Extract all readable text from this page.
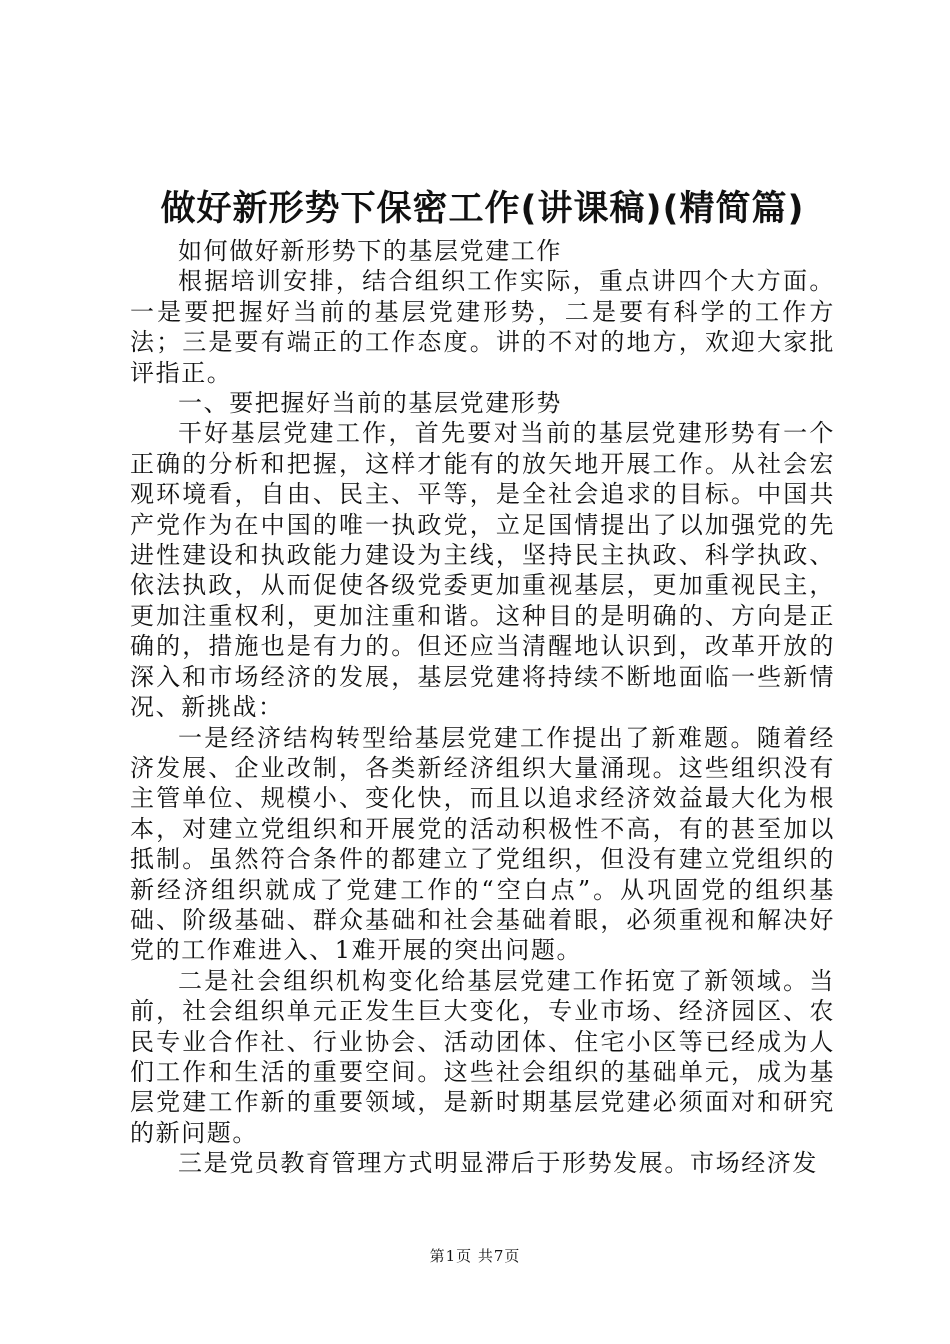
做好新形势下保密工作(讲课稿)(精简篇)

如何做好新形势下的基层党建工作

根据培训安排，结合组织工作实际，重点讲四个大方面。一是要把握好当前的基层党建形势，二是要有科学的工作方法；三是要有端正的工作态度。讲的不对的地方，欢迎大家批评指正。

一、要把握好当前的基层党建形势

干好基层党建工作，首先要对当前的基层党建形势有一个正确的分析和把握，这样才能有的放矢地开展工作。从社会宏观环境看，自由、民主、平等，是全社会追求的目标。中国共产党作为在中国的唯一执政党，立足国情提出了以加强党的先进性建设和执政能力建设为主线，坚持民主执政、科学执政、依法执政，从而促使各级党委更加重视基层，更加重视民主，更加注重权利，更加注重和谐。这种目的是明确的、方向是正确的，措施也是有力的。但还应当清醒地认识到，改革开放的深入和市场经济的发展，基层党建将持续不断地面临一些新情况、新挑战：

一是经济结构转型给基层党建工作提出了新难题。随着经济发展、企业改制，各类新经济组织大量涌现。这些组织没有主管单位、规模小、变化快，而且以追求经济效益最大化为根本，对建立党组织和开展党的活动积极性不高，有的甚至加以抵制。虽然符合条件的都建立了党组织，但没有建立党组织的新经济组织就成了党建工作的“空白点”。从巩固党的组织基础、阶级基础、群众基础和社会基础着眼，必须重视和解决好党的工作难进入、1难开展的突出问题。

二是社会组织机构变化给基层党建工作拓宽了新领域。当前，社会组织单元正发生巨大变化，专业市场、经济园区、农民专业合作社、行业协会、活动团体、住宅小区等已经成为人们工作和生活的重要空间。这些社会组织的基础单元，成为基层党建工作新的重要领域，是新时期基层党建必须面对和研究的新问题。

三是党员教育管理方式明显滞后于形势发展。市场经济发

第1页 共7页
